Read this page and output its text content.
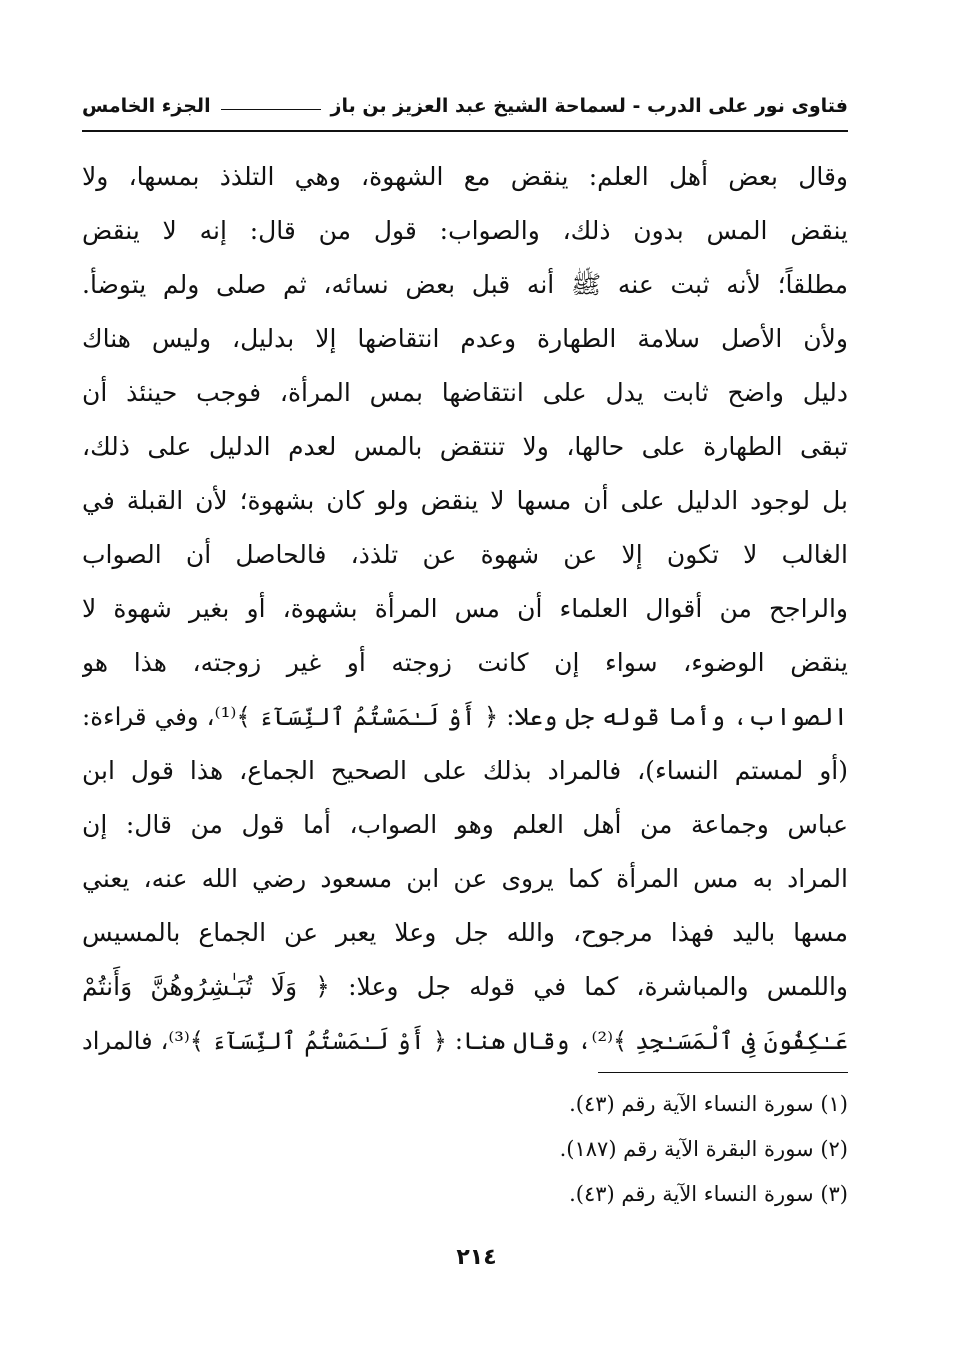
فتاوى نور على الدرب - لسماحة الشيخ عبد العزيز بن باز
الجزء الخامس
وقال بعض أهل العلم: ينقض مع الشهوة، وهي التلذذ بمسها، ولا
ينقض المس بدون ذلك، والصواب: قول من قال: إنه لا ينقض
مطلقاً؛ لأنه ثبت عنه ﷺ أنه قبل بعض نسائه، ثم صلى ولم يتوضأ.
ولأن الأصل سلامة الطهارة وعدم انتقاضها إلا بدليل، وليس هناك
دليل واضح ثابت يدل على انتقاضها بمس المرأة، فوجب حينئذ أن
تبقى الطهارة على حالها، ولا تنتقض بالمس لعدم الدليل على ذلك،
بل لوجود الدليل على أن مسها لا ينقض ولو كان بشهوة؛ لأن القبلة في
الغالب لا تكون إلا عن شهوة عن تلذذ، فالحاصل أن الصواب
والراجح من أقوال العلماء أن مس المرأة بشهوة، أو بغير شهوة لا
ينقض الوضوء، سواء إن كانت زوجته أو غير زوجته، هذا هو
الصواب، وأما قوله جل وعلا: ﴿ أَوْ لَـٰمَسْتُمُ ٱلنِّسَآءَ ﴾⁽¹⁾، وفي قراءة:
(أو لمستم النساء)، فالمراد بذلك على الصحيح الجماع، هذا قول ابن
عباس وجماعة من أهل العلم وهو الصواب، أما قول من قال: إن
المراد به مس المرأة كما يروى عن ابن مسعود رضي الله عنه، يعني
مسها باليد فهذا مرجوح، والله جل وعلا يعبر عن الجماع بالمسيس
واللمس والمباشرة، كما في قوله جل وعلا: ﴿ وَلَا تُبَـٰشِرُوهُنَّ وَأَنتُمْ
عَـٰكِفُونَ فِى ٱلْمَسَـٰجِدِ ﴾⁽²⁾، وقال هنا: ﴿ أَوْ لَـٰمَسْتُمُ ٱلنِّسَآءَ ﴾⁽³⁾، فالمراد
(١) سورة النساء الآية رقم (٤٣).
(٢) سورة البقرة الآية رقم (١٨٧).
(٣) سورة النساء الآية رقم (٤٣).
٢١٤
